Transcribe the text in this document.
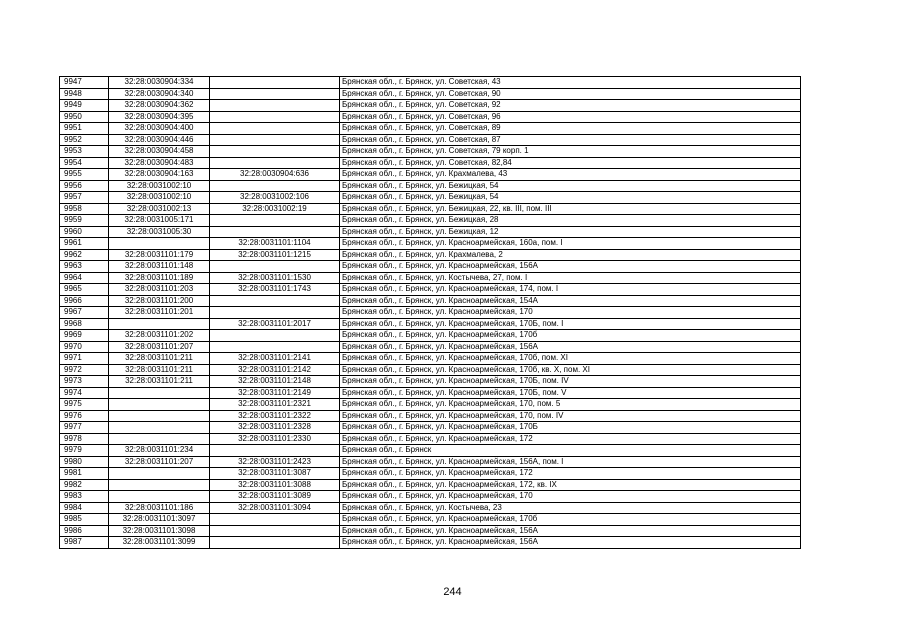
9947	32:28:0030904:334		Брянская обл., г. Брянск, ул. Советская, 43
9948	32:28:0030904:340		Брянская обл., г. Брянск, ул. Советская, 90
9949	32:28:0030904:362		Брянская обл., г. Брянск, ул. Советская, 92
9950	32:28:0030904:395		Брянская обл., г. Брянск, ул. Советская, 96
9951	32:28:0030904:400		Брянская обл., г. Брянск, ул. Советская, 89
9952	32:28:0030904:446		Брянская обл., г. Брянск, ул. Советская, 87
9953	32:28:0030904:458		Брянская обл., г. Брянск, ул. Советская, 79 корп. 1
9954	32:28:0030904:483		Брянская обл., г. Брянск, ул. Советская, 82,84
9955	32:28:0030904:163	32:28:0030904:636	Брянская обл., г. Брянск, ул. Крахмалева, 43
9956	32:28:0031002:10		Брянская обл., г. Брянск, ул. Бежицкая, 54
9957	32:28:0031002:10	32:28:0031002:106	Брянская обл., г. Брянск, ул. Бежицкая, 54
9958	32:28:0031002:13	32:28:0031002:19	Брянская обл., г. Брянск, ул. Бежицкая, 22, кв. III, пом. III
9959	32:28:0031005:171		Брянская обл., г. Брянск, ул. Бежицкая, 28
9960	32:28:0031005:30		Брянская обл., г. Брянск, ул. Бежицкая, 12
9961		32:28:0031101:1104	Брянская обл., г. Брянск, ул. Красноармейская, 160а, пом. I
9962	32:28:0031101:179	32:28:0031101:1215	Брянская обл., г. Брянск, ул. Крахмалева, 2
9963	32:28:0031101:148		Брянская обл., г. Брянск, ул. Красноармейская, 156А
9964	32:28:0031101:189	32:28:0031101:1530	Брянская обл., г. Брянск, ул. Костычева, 27, пом. I
9965	32:28:0031101:203	32:28:0031101:1743	Брянская обл., г. Брянск, ул. Красноармейская, 174, пом. I
9966	32:28:0031101:200		Брянская обл., г. Брянск, ул. Красноармейская, 154А
9967	32:28:0031101:201		Брянская обл., г. Брянск, ул. Красноармейская, 170
9968		32:28:0031101:2017	Брянская обл., г. Брянск, ул. Красноармейская, 170Б, пом. I
9969	32:28:0031101:202		Брянская обл., г. Брянск, ул. Красноармейская, 170б
9970	32:28:0031101:207		Брянская обл., г. Брянск, ул. Красноармейская, 156А
9971	32:28:0031101:211	32:28:0031101:2141	Брянская обл., г. Брянск, ул. Красноармейская, 170б, пом. XI
9972	32:28:0031101:211	32:28:0031101:2142	Брянская обл., г. Брянск, ул. Красноармейская, 170б, кв. X, пом. XI
9973	32:28:0031101:211	32:28:0031101:2148	Брянская обл., г. Брянск, ул. Красноармейская, 170Б, пом. IV
9974		32:28:0031101:2149	Брянская обл., г. Брянск, ул. Красноармейская, 170Б, пом. V
9975		32:28:0031101:2321	Брянская обл., г. Брянск, ул. Красноармейская, 170, пом. 5
9976		32:28:0031101:2322	Брянская обл., г. Брянск, ул. Красноармейская, 170, пом. IV
9977		32:28:0031101:2328	Брянская обл., г. Брянск, ул. Красноармейская, 170Б
9978		32:28:0031101:2330	Брянская обл., г. Брянск, ул. Красноармейская, 172
9979	32:28:0031101:234		Брянская обл., г. Брянск
9980	32:28:0031101:207	32:28:0031101:2423	Брянская обл., г. Брянск, ул. Красноармейская, 156А, пом. I
9981		32:28:0031101:3087	Брянская обл., г. Брянск, ул. Красноармейская, 172
9982		32:28:0031101:3088	Брянская обл., г. Брянск, ул. Красноармейская, 172, кв. IX
9983		32:28:0031101:3089	Брянская обл., г. Брянск, ул. Красноармейская, 170
9984	32:28:0031101:186	32:28:0031101:3094	Брянская обл., г. Брянск, ул. Костычева, 23
9985	32:28:0031101:3097		Брянская обл., г. Брянск, ул. Красноармейская, 170б
9986	32:28:0031101:3098		Брянская обл., г. Брянск, ул. Красноармейская, 156А
9987	32:28:0031101:3099		Брянская обл., г. Брянск, ул. Красноармейская, 156А
244
